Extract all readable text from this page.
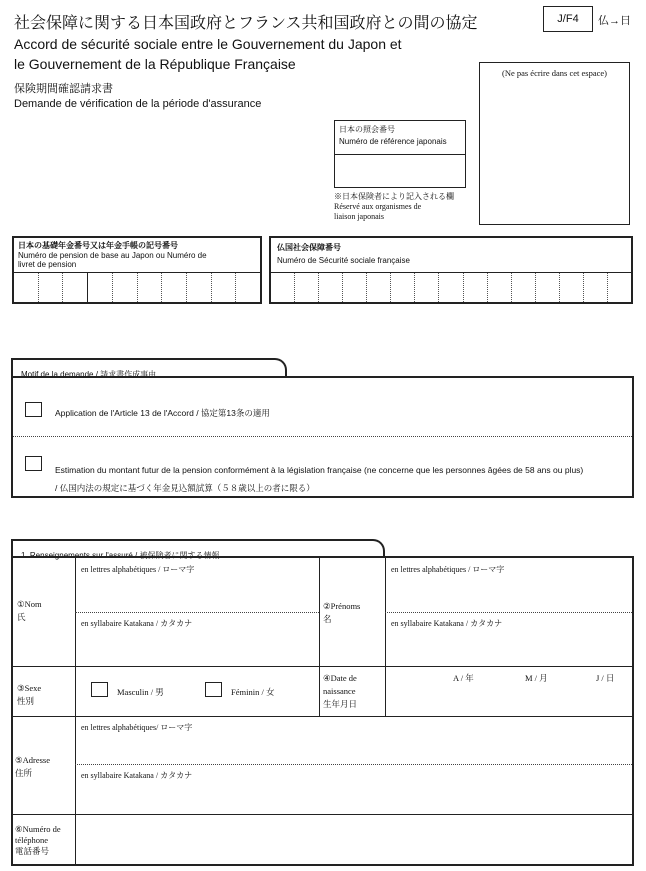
社会保障に関する日本国政府とフランス共和国政府との間の協定
Accord de sécurité sociale entre le Gouvernement du Japon et
le Gouvernement de la République Française
保険期間確認請求書
Demande de vérification de la période d'assurance
J/F4 仏→日
(Ne pas écrire dans cet espace)
日本の照会番号
Numéro de référence japonais
※日本保険者により記入される欄
Réservé aux organismes de
liaison japonais
日本の基礎年金番号又は年金手帳の記号番号
Numéro de pension de base au Japon ou Numéro de
livret de pension
仏国社会保障番号
Numéro de Sécurité sociale française
Motif de la demande / 請求書作成事由
Application de l'Article 13 de l'Accord / 協定第13条の適用
Estimation du montant futur de la pension conformément à la législation française (ne concerne que les personnes âgées de 58 ans ou plus)
/ 仏国内法の規定に基づく年金見込額試算（５８歳以上の者に限る）
1. Renseignements sur l'assuré / 被保険者に関する情報
①Nom
氏
en lettres alphabétiques / ローマ字
en syllabaire Katakana / カタカナ
②Prénoms
名
en lettres alphabétiques / ローマ字
en syllabaire Katakana / カタカナ
③Sexe
性別
Masculin / 男	Féminin / 女
④Date de
naissance
生年月日
A / 年	M / 月	J / 日
⑤Adresse
住所
en lettres alphabétiques/ ローマ字
en syllabaire Katakana / カタカナ
⑥Numéro de
téléphone
電話番号
